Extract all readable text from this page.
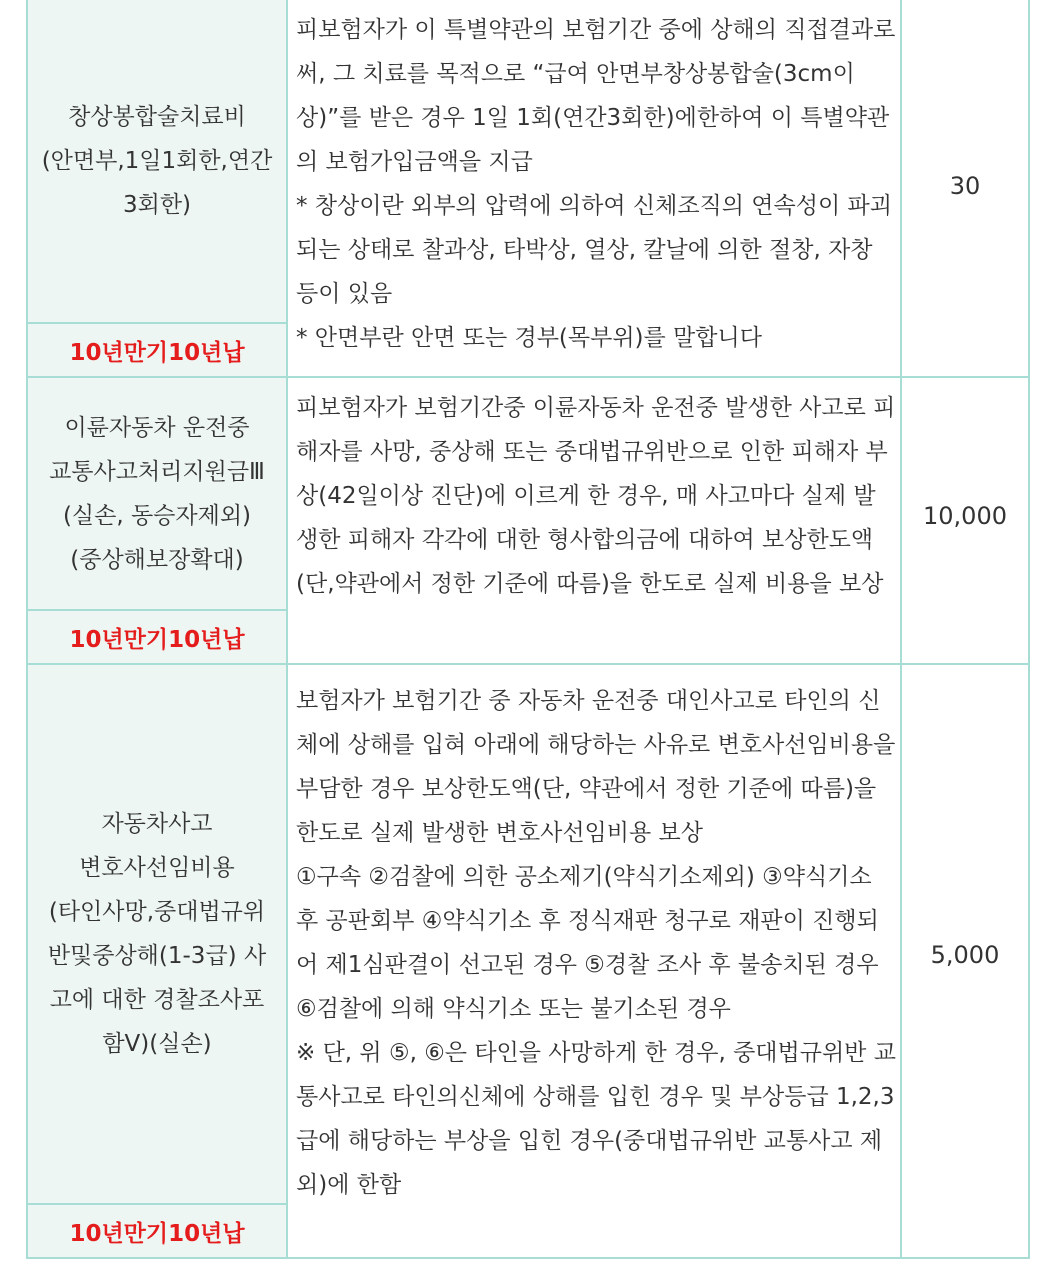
창상봉합술치료비
(안면부,1일1회한,연간
3회한)
10년만기10년납

피보험자가 이 특별약관의 보험기간 중에 상해의 직접결과로써, 그 치료를 목적으로 “급여 안면부창상봉합술(3cm이상)”를 받은 경우 1일 1회(연간3회한)에한하여 이 특별약관의 보험가입금액을 지급

* 창상이란 외부의 압력에 의하여 신체조직의 연속성이 파괴되는 상태로 찰과상, 타박상, 열상, 칼날에 의한 절창, 자창 등이 있음

* 안면부란 안면 또는 경부(목부위)를 말합니다

30
이륜자동차 운전중
교통사고처리지원금Ⅲ
(실손, 동승자제외)
(중상해보장확대)
10년만기10년납

피보험자가 보험기간중 이륜자동차 운전중 발생한 사고로 피해자를 사망, 중상해 또는 중대법규위반으로 인한 피해자 부상(42일이상 진단)에 이르게 한 경우, 매 사고마다 실제 발생한 피해자 각각에 대한 형사합의금에 대하여 보상한도액(단,약관에서 정한 기준에 따름)을 한도로 실제 비용을 보상

10,000
자동차사고
변호사선임비용
(타인사망,중대법규위
반및중상해(1-3급) 사
고에 대한 경찰조사포
함Ⅴ)(실손)
10년만기10년납

보험자가 보험기간 중 자동차 운전중 대인사고로 타인의 신체에 상해를 입혀 아래에 해당하는 사유로 변호사선임비용을 부담한 경우 보상한도액(단, 약관에서 정한 기준에 따름)을 한도로 실제 발생한 변호사선임비용 보상

①구속 ②검찰에 의한 공소제기(약식기소제외) ③약식기소 후 공판회부 ④약식기소 후 정식재판 청구로 재판이 진행되어 제1심판결이 선고된 경우 ⑤경찰 조사 후 불송치된 경우 ⑥검찰에 의해 약식기소 또는 불기소된 경우

※ 단, 위 ⑤, ⑥은 타인을 사망하게 한 경우, 중대법규위반 교통사고로 타인의신체에 상해를 입힌 경우 및 부상등급 1,2,3급에 해당하는 부상을 입힌 경우(중대법규위반 교통사고 제외)에 한함

5,000
